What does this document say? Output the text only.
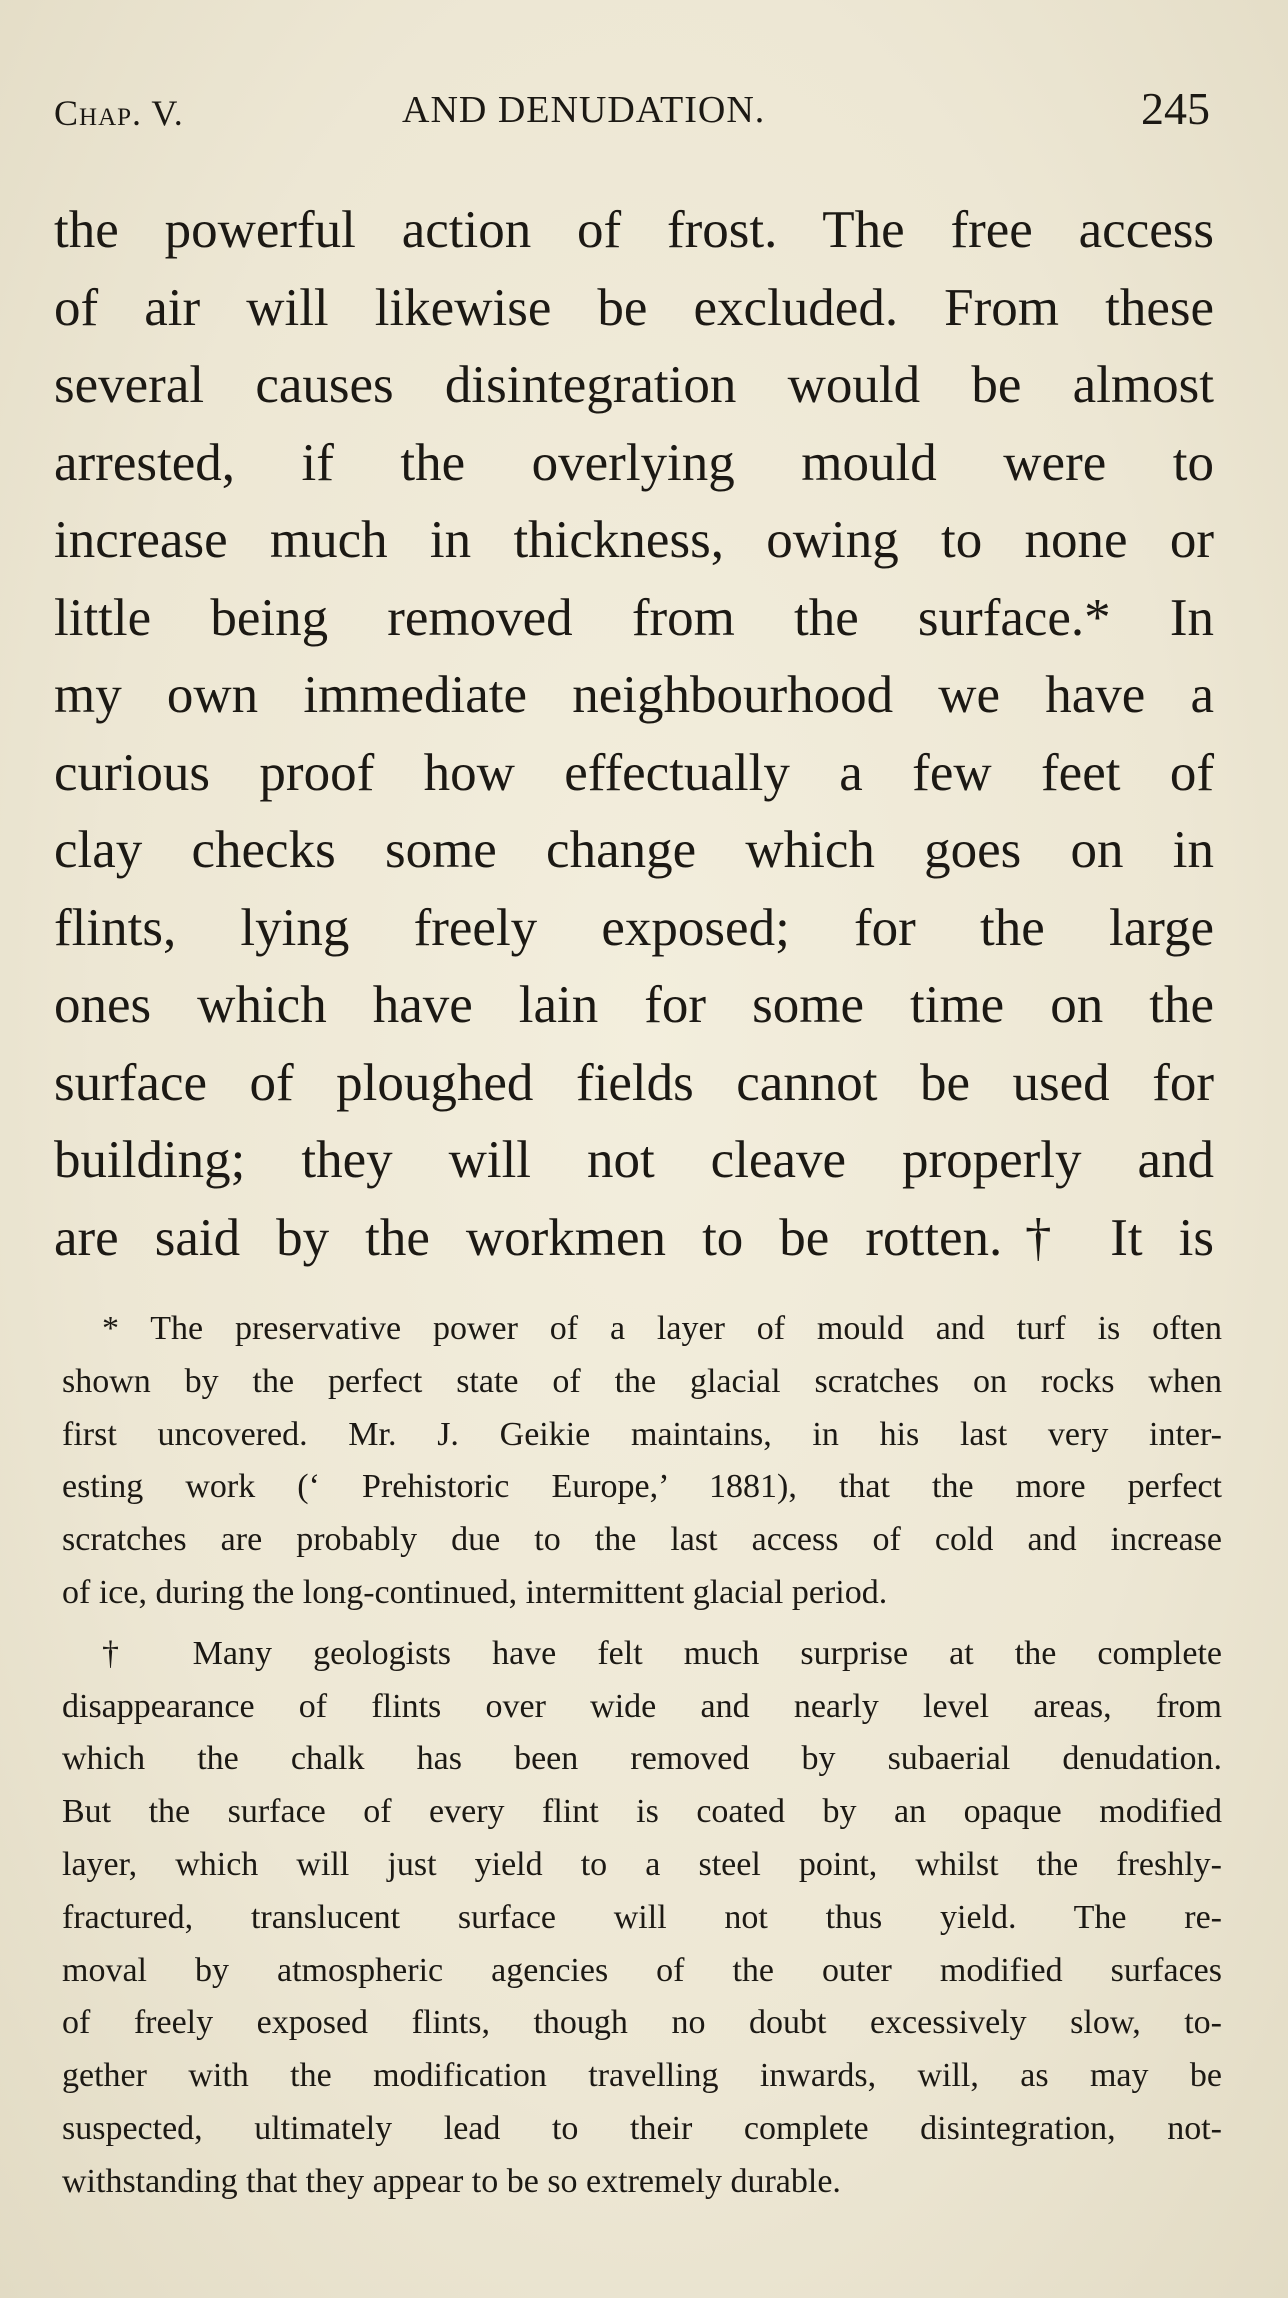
Chap. V.	AND DENUDATION.	245
the powerful action of frost. The free access
of air will likewise be excluded. From these
several causes disintegration would be almost
arrested, if the overlying mould were to
increase much in thickness, owing to none or
little being removed from the surface.* In
my own immediate neighbourhood we have a
curious proof how effectually a few feet of
clay checks some change which goes on in
flints, lying freely exposed; for the large
ones which have lain for some time on the
surface of ploughed fields cannot be used for
building; they will not cleave properly and
are said by the workmen to be rotten.† It is
* The preservative power of a layer of mould and turf is often
shown by the perfect state of the glacial scratches on rocks when
first uncovered. Mr. J. Geikie maintains, in his last very inter-
esting work (‘ Prehistoric Europe,’ 1881), that the more perfect
scratches are probably due to the last access of cold and increase
of ice, during the long-continued, intermittent glacial period.
† Many geologists have felt much surprise at the complete
disappearance of flints over wide and nearly level areas, from
which the chalk has been removed by subaerial denudation.
But the surface of every flint is coated by an opaque modified
layer, which will just yield to a steel point, whilst the freshly-
fractured, translucent surface will not thus yield. The re-
moval by atmospheric agencies of the outer modified surfaces
of freely exposed flints, though no doubt excessively slow, to-
gether with the modification travelling inwards, will, as may be
suspected, ultimately lead to their complete disintegration, not-
withstanding that they appear to be so extremely durable.
